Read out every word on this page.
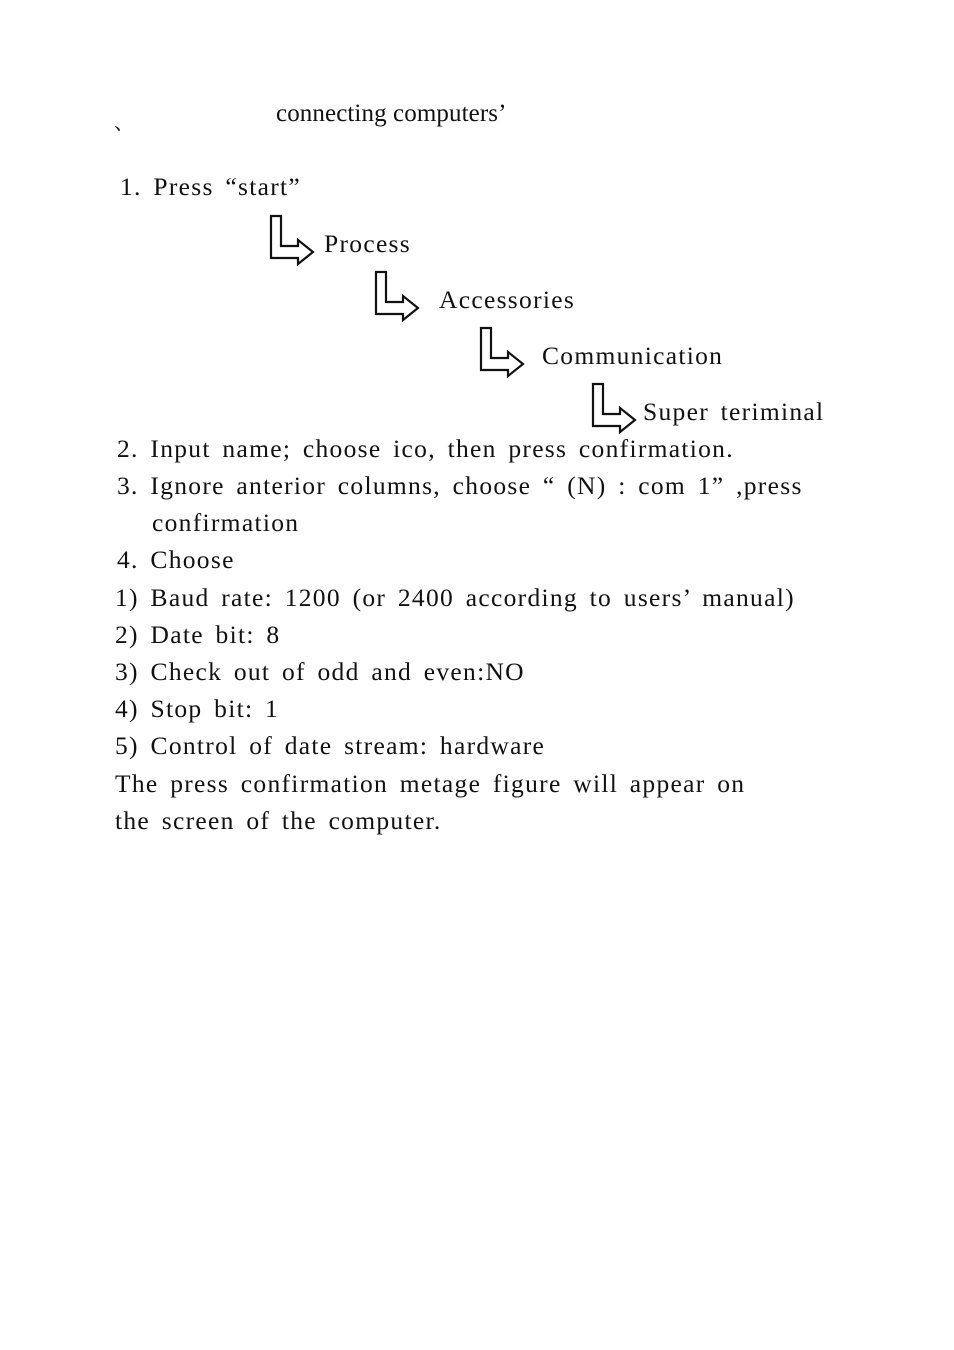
、	connecting computers’
1. Press “start”
Process
Accessories
Communication
Super teriminal
2. Input name; choose ico, then press confirmation.
3. Ignore anterior columns, choose “ (N) : com 1” ,press
confirmation
4. Choose
1) Baud rate: 1200 (or 2400 according to users’ manual)
2) Date bit: 8
3) Check out of odd and even:NO
4) Stop bit: 1
5) Control of date stream: hardware
The press confirmation metage figure will appear on
the screen of the computer.
